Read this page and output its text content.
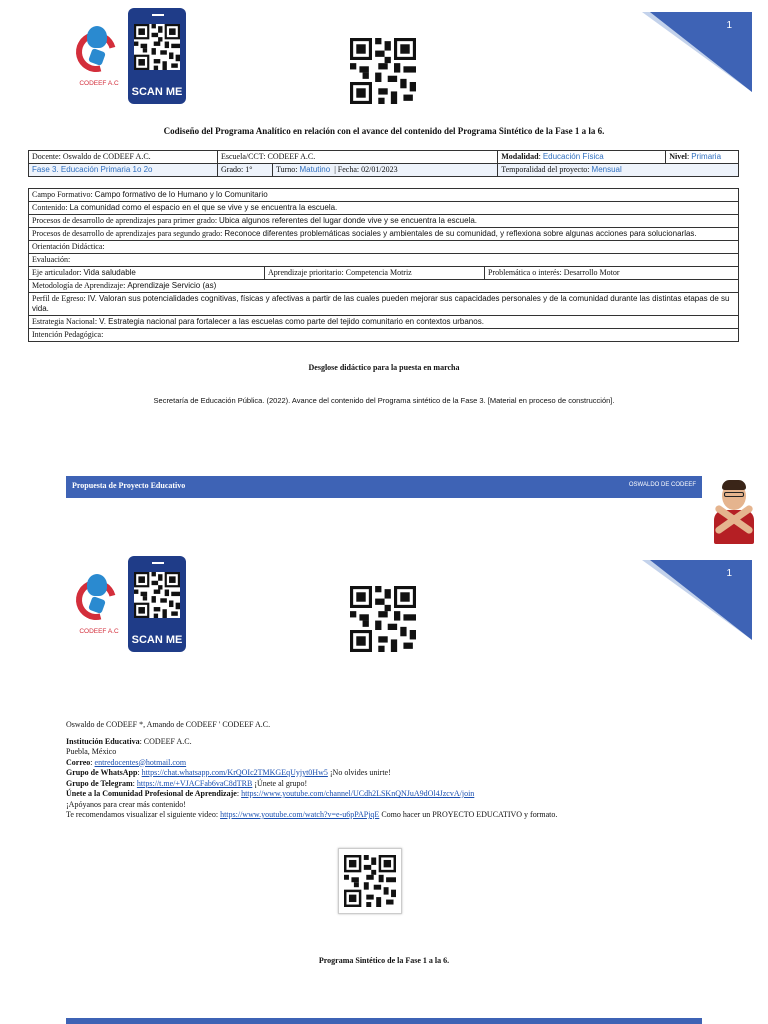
CODEEF A.C
SCAN ME
1
Codiseño del Programa Analítico en relación con el avance del contenido del Programa Sintético de la Fase 1 a la 6.
Docente: Oswaldo de CODEEF A.C.	Escuela/CCT: CODEEF A.C.		Modalidad: Educación Física	Nivel: Primaria
Fase 3. Educación Primaria 1o 2o	Grado: 1°	Turno: Matutino  | Fecha: 02/01/2023	Temporalidad del proyecto: Mensual	
Campo Formativo: Campo formativo de lo Humano y lo Comunitario
Contenido: La comunidad como el espacio en el que se vive y se encuentra la escuela.
Procesos de desarrollo de aprendizajes para primer grado: Ubica algunos referentes del lugar donde vive y se encuentra la escuela.
Procesos de desarrollo de aprendizajes para segundo grado: Reconoce diferentes problemáticas sociales y ambientales de su comunidad, y reflexiona sobre algunas acciones para solucionarlas.
Orientación Didáctica:
Evaluación:
Eje articulador: Vida saludable	Aprendizaje prioritario: Competencia Motriz	Problemática o interés: Desarrollo Motor
Metodología de Aprendizaje: Aprendizaje Servicio (as)
Perfil de Egreso: IV. Valoran sus potencialidades cognitivas, físicas y afectivas a partir de las cuales pueden mejorar sus capacidades personales y de la comunidad durante las distintas etapas de su vida.
Estrategia Nacional: V. Estrategia nacional para fortalecer a las escuelas como parte del tejido comunitario en contextos urbanos.
Intención Pedagógica:
Desglose didáctico para la puesta en marcha
Secretaría de Educación Pública. (2022). Avance del contenido del Programa sintético de la Fase 3. [Material en proceso de construcción].
Propuesta de Proyecto Educativo	OSWALDO DE CODEEF
CODEEF A.C
SCAN ME
1
Oswaldo de CODEEF *, Amando de CODEEF ' CODEEF A.C.
Institución Educativa: CODEEF A.C.
Puebla, México
Correo: entredocentes@hotmail.com
Grupo de WhatsApp: https://chat.whatsapp.com/KrQOIc2TMKGEqUyjyt0Hw5 ¡No olvides unirte!
Grupo de Telegram: https://t.me/+VJACFab6vaC8dTRB ¡Únete al grupo!
Únete a la Comunidad Profesional de Aprendizaje: https://www.youtube.com/channel/UCdh2LSKnQNJuA9dOl4JzcvA/join
¡Apóyanos para crear más contenido!
Te recomendamos visualizar el siguiente video: https://www.youtube.com/watch?v=e-u6pPAPjqE Como hacer un PROYECTO EDUCATIVO y formato.
Programa Sintético de la Fase 1 a la 6.
